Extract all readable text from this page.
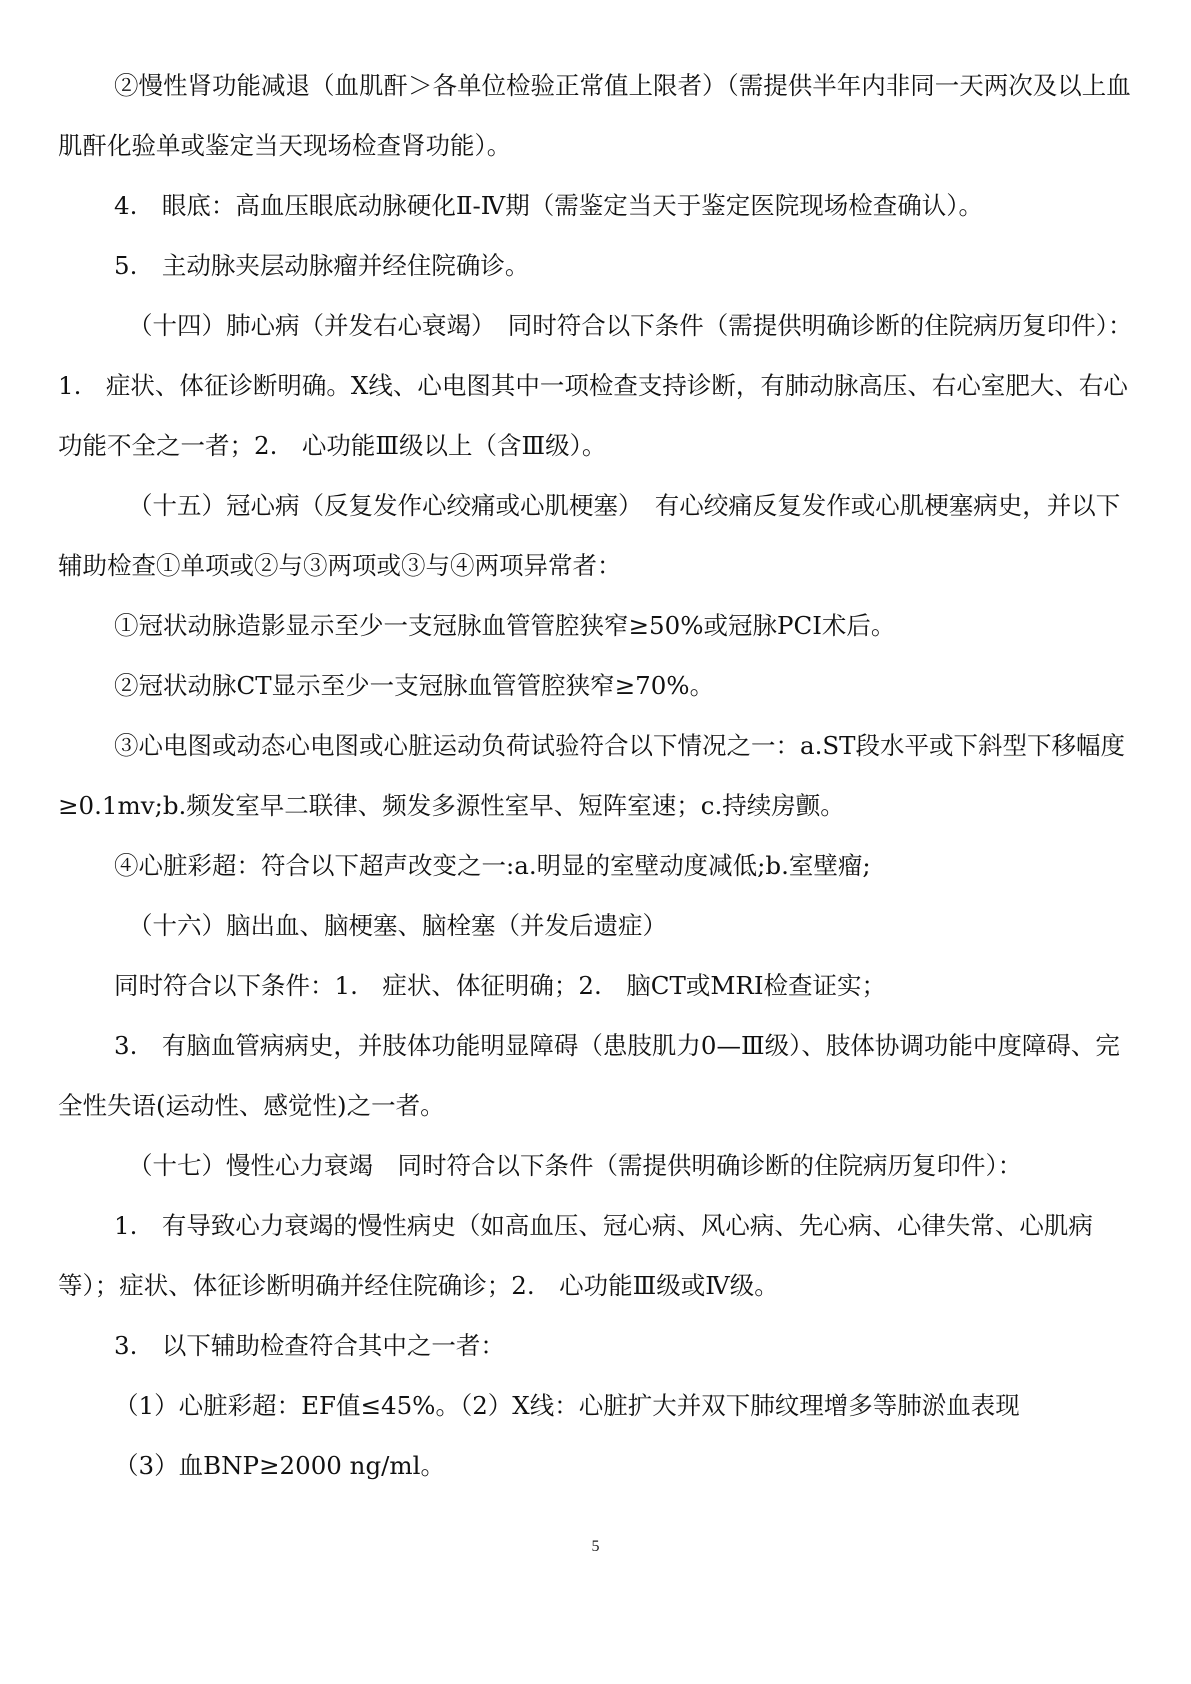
②慢性肾功能减退（血肌酐＞各单位检验正常值上限者）（需提供半年内非同一天两次及以上血肌酐化验单或鉴定当天现场检查肾功能）。

4.　眼底：高血压眼底动脉硬化Ⅱ-Ⅳ期（需鉴定当天于鉴定医院现场检查确认）。

5.　主动脉夹层动脉瘤并经住院确诊。

（十四）肺心病（并发右心衰竭）　同时符合以下条件（需提供明确诊断的住院病历复印件）：1.　症状、体征诊断明确。X线、心电图其中一项检查支持诊断，有肺动脉高压、右心室肥大、右心功能不全之一者；2.　心功能Ⅲ级以上（含Ⅲ级）。

（十五）冠心病（反复发作心绞痛或心肌梗塞）　有心绞痛反复发作或心肌梗塞病史，并以下辅助检查①单项或②与③两项或③与④两项异常者：

①冠状动脉造影显示至少一支冠脉血管管腔狭窄≥50%或冠脉PCI术后。

②冠状动脉CT显示至少一支冠脉血管管腔狭窄≥70%。

③心电图或动态心电图或心脏运动负荷试验符合以下情况之一：a.ST段水平或下斜型下移幅度≥0.1mv;b.频发室早二联律、频发多源性室早、短阵室速；c.持续房颤。

④心脏彩超：符合以下超声改变之一:a.明显的室壁动度减低;b.室壁瘤;

（十六）脑出血、脑梗塞、脑栓塞（并发后遗症）

同时符合以下条件：1.　症状、体征明确；2.　脑CT或MRI检查证实；

3.　有脑血管病病史，并肢体功能明显障碍（患肢肌力0—Ⅲ级）、肢体协调功能中度障碍、完全性失语(运动性、感觉性)之一者。

（十七）慢性心力衰竭　同时符合以下条件（需提供明确诊断的住院病历复印件）：

1.　有导致心力衰竭的慢性病史（如高血压、冠心病、风心病、先心病、心律失常、心肌病等）；症状、体征诊断明确并经住院确诊；2.　心功能Ⅲ级或Ⅳ级。

3.　以下辅助检查符合其中之一者：

（1）心脏彩超：EF值≤45%。（2）X线：心脏扩大并双下肺纹理增多等肺淤血表现

（3）血BNP≥2000 ng/ml。

5
